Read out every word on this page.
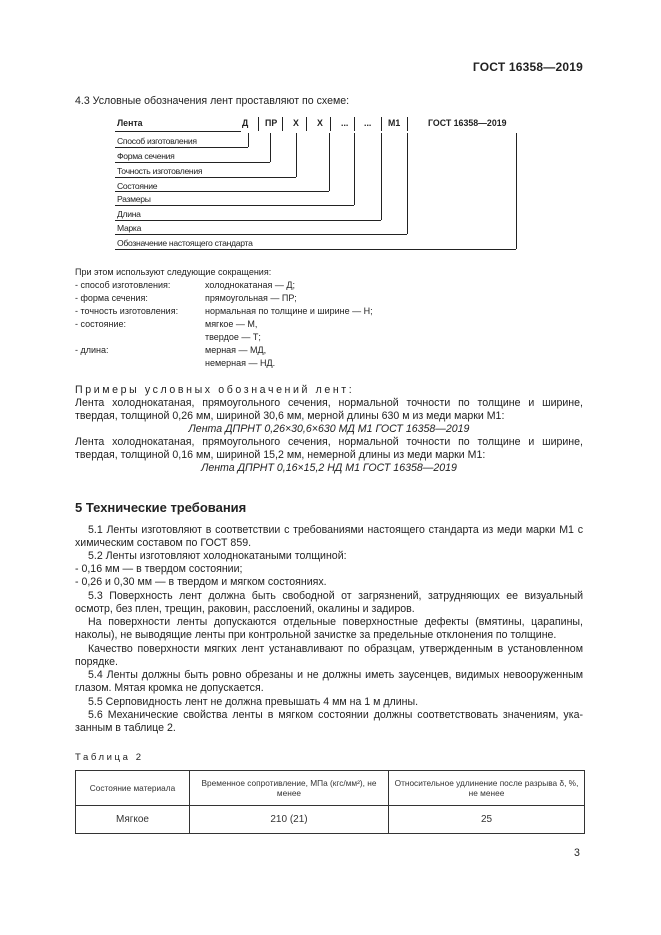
ГОСТ 16358—2019
4.3 Условные обозначения лент проставляют по схеме:
Лента	Д ПР X X ... ... М1	ГОСТ 16358—2019
Способ изготовления
Форма сечения
Точность изготовления
Состояние
Размеры
Длина
Марка
Обозначение настоящего стандарта
При этом используют следующие сокращения:
- способ изготовления:	холоднокатаная — Д;
- форма сечения:	прямоугольная — ПР;
- точность изготовления:	нормальная по толщине и ширине — Н;
- состояние:	мягкое — М,
твердое — Т;
- длина:	мерная — МД,
немерная — НД.
Примеры условных обозначений лент:
Лента холоднокатаная, прямоугольного сечения, нормальной точности по толщине и ширине,
твердая, толщиной 0,26 мм, шириной 30,6 мм, мерной длины 630 м из меди марки М1:
Лента ДПРНТ 0,26×30,6×630 МД М1 ГОСТ 16358—2019
Лента холоднокатаная, прямоугольного сечения, нормальной точности по толщине и ширине,
твердая, толщиной 0,16 мм, шириной 15,2 мм, немерной длины из меди марки М1:
Лента ДПРНТ 0,16×15,2 НД М1 ГОСТ 16358—2019
5 Технические требования
5.1 Ленты изготовляют в соответствии с требованиями настоящего стандарта из меди марки М1 с
химическим составом по ГОСТ 859.
5.2 Ленты изготовляют холоднокатаными толщиной:
- 0,16 мм — в твердом состоянии;
- 0,26 и 0,30 мм — в твердом и мягком состояниях.
5.3 Поверхность лент должна быть свободной от загрязнений, затрудняющих ее визуальный
осмотр, без плен, трещин, раковин, расслоений, окалины и задиров.
На поверхности ленты допускаются отдельные поверхностные дефекты (вмятины, царапины,
наколы), не выводящие ленты при контрольной зачистке за предельные отклонения по толщине.
Качество поверхности мягких лент устанавливают по образцам, утвержденным в установленном
порядке.
5.4 Ленты должны быть ровно обрезаны и не должны иметь заусенцев, видимых невооруженным
глазом. Мятая кромка не допускается.
5.5 Серповидность лент не должна превышать 4 мм на 1 м длины.
5.6 Механические свойства ленты в мягком состоянии должны соответствовать значениям, ука-
занным в таблице 2.
Таблица 2
Состояние материала	Временное сопротивление, МПа (кгс/мм²), не менее	Относительное удлинение после разрыва δ, %, не менее
Мягкое	210 (21)	25
3
